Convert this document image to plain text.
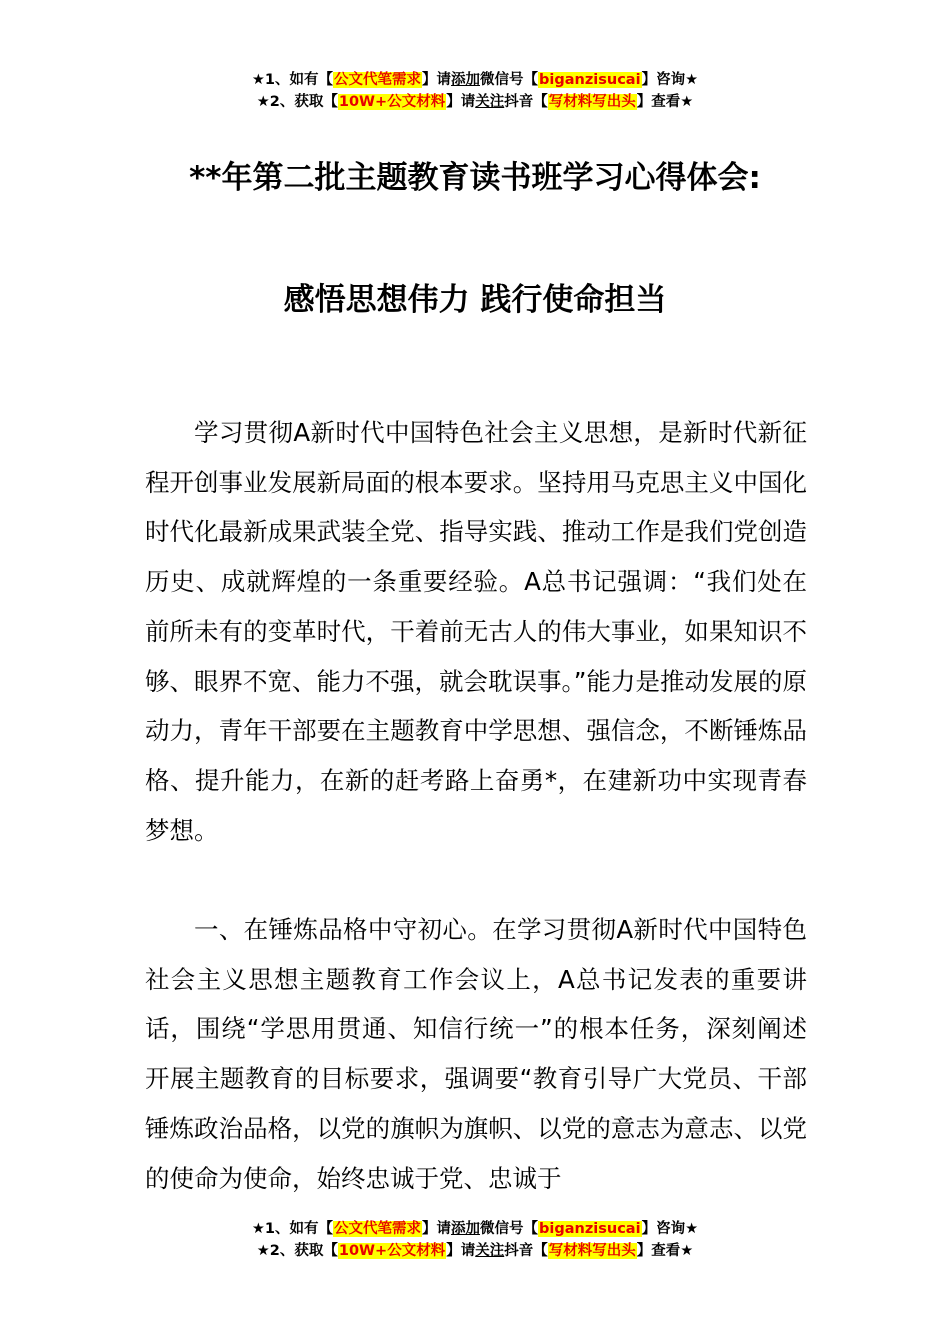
★1、如有【公文代笔需求】请添加微信号【biganzisucai】咨询★
★2、获取【10W+公文材料】请关注抖音【写材料写出头】查看★
**年第二批主题教育读书班学习心得体会:
感悟思想伟力 践行使命担当
学习贯彻A新时代中国特色社会主义思想，是新时代新征程开创事业发展新局面的根本要求。坚持用马克思主义中国化时代化最新成果武装全党、指导实践、推动工作是我们党创造历史、成就辉煌的一条重要经验。A总书记强调：“我们处在前所未有的变革时代，干着前无古人的伟大事业，如果知识不够、眼界不宽、能力不强，就会耽误事。”能力是推动发展的原动力，青年干部要在主题教育中学思想、强信念，不断锤炼品格、提升能力，在新的赶考路上奋勇*，在建新功中实现青春梦想。
一、在锤炼品格中守初心。在学习贯彻A新时代中国特色社会主义思想主题教育工作会议上，A总书记发表的重要讲话，围绕“学思用贯通、知信行统一”的根本任务，深刻阐述开展主题教育的目标要求，强调要“教育引导广大党员、干部锤炼政治品格，以党的旗帜为旗帜、以党的意志为意志、以党的使命为使命，始终忠诚于党、忠诚于
★1、如有【公文代笔需求】请添加微信号【biganzisucai】咨询★
★2、获取【10W+公文材料】请关注抖音【写材料写出头】查看★
